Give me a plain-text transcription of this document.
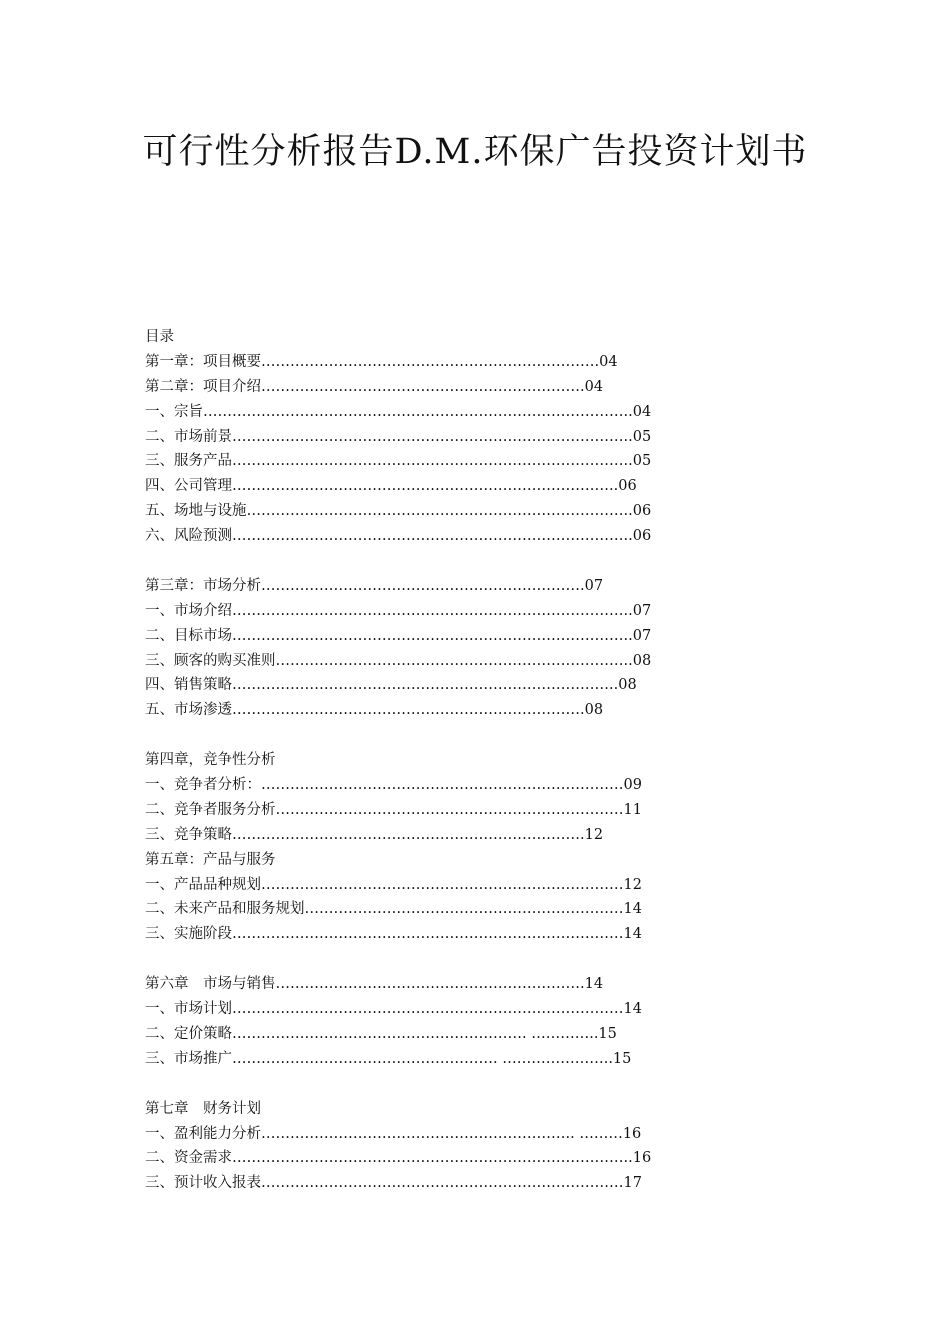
可行性分析报告D.M.环保广告投资计划书
目录
第一章：项目概要…………………………………………………………….04
第二章：项目介绍………………………………………………………….04
一、宗旨……………………………………………………………………………..04
二、市场前景………………………………………………………………………..05
三、服务产品………………………………………………………………………..05
四、公司管理……………………………………………………………………..06
五、场地与设施……………………………………………………………………..06
六、风险预测………………………………………………………………………..06
第三章：市场分析………………………………………………………….07
一、市场介绍………………………………………………………………………..07
二、目标市场………………………………………………………………………..07
三、顾客的购买准则………………………………………………………………..08
四、销售策略……………………………………………………………………..08
五、市场渗透……………………………………………………………….08
第四章，竞争性分析
一、竞争者分析：…………………………………………………………………09
二、竞争者服务分析………………………………………………………………11
三、竞争策略……………………………………………………………….12
第五章：产品与服务
一、产品品种规划…………………………………………………………………12
二、未来产品和服务规划…………………………………………………………14
三、实施阶段………………………………………………………………………14
第六章　市场与销售……………………………………………………….14
一、市场计划………………………………………………………………………14
二、定价策略……………………………………………………. …………..15
三、市场推广………………………………………………. …………………..15
第七章　财务计划
一、盈利能力分析……………………………………………………….. ………16
二、资金需求………………………………………………………………………..16
三、预计收入报表…………………………………………………………………17
